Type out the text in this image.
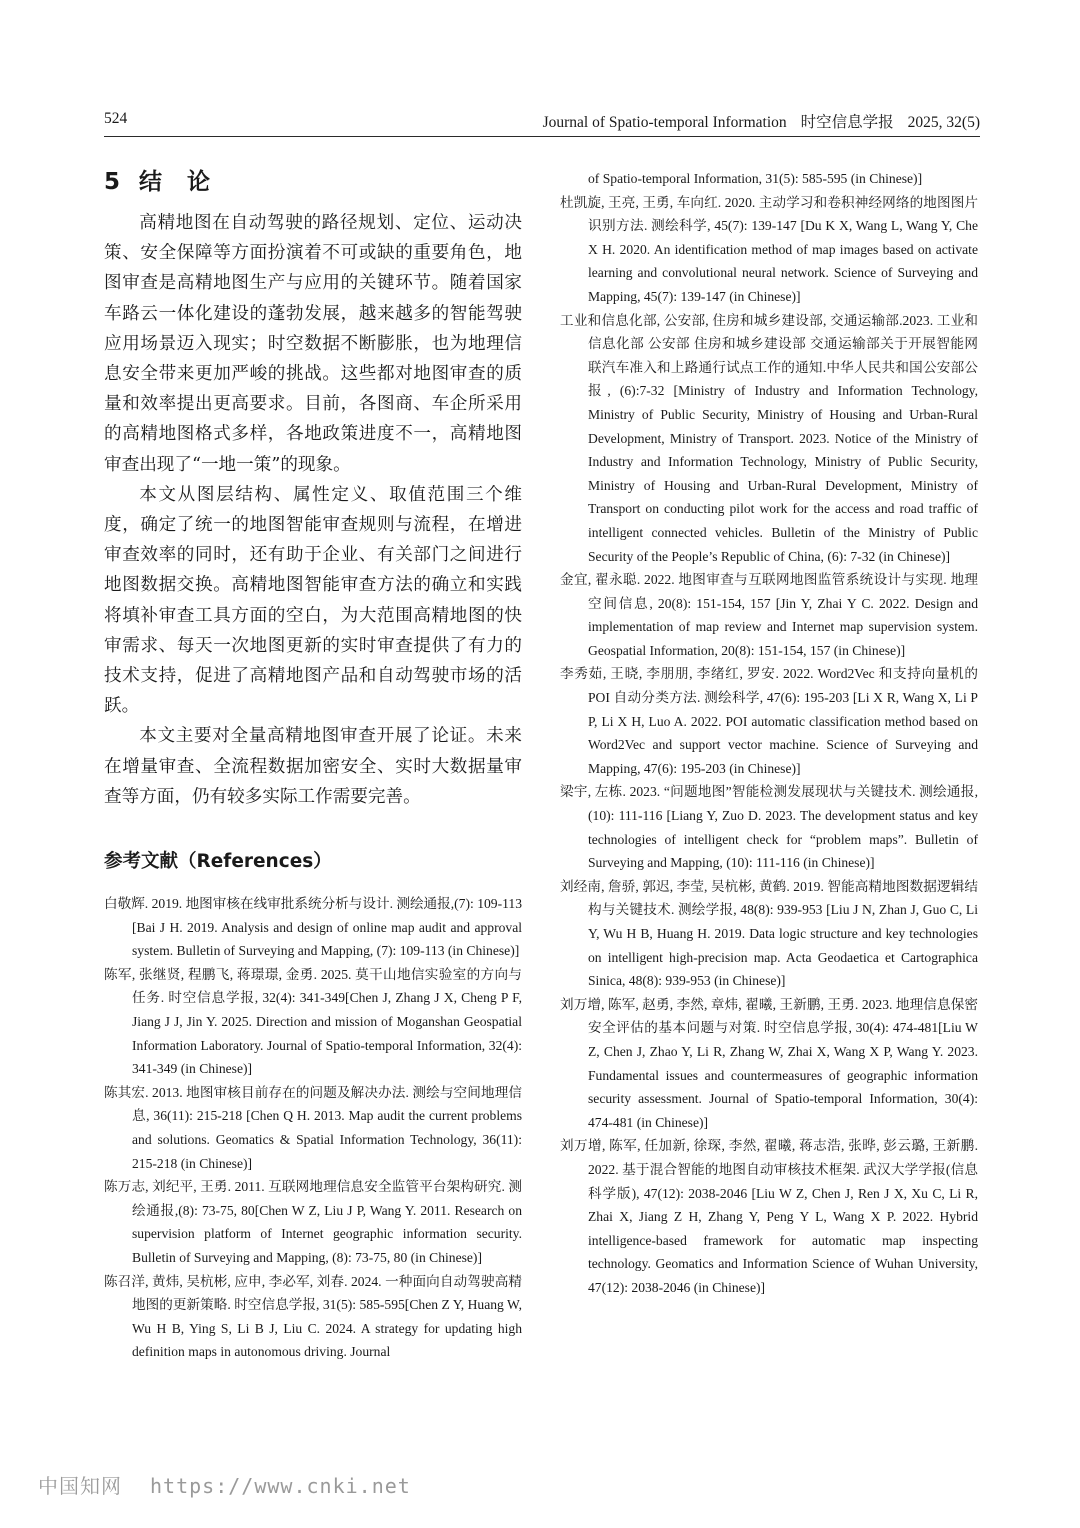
524	Journal of Spatio-temporal Information 时空信息学报 2025, 32(5)
5 结 论

高精地图在自动驾驶的路径规划、定位、运动决策、安全保障等方面扮演着不可或缺的重要角色，地图审查是高精地图生产与应用的关键环节。随着国家车路云一体化建设的蓬勃发展，越来越多的智能驾驶应用场景迈入现实；时空数据不断膨胀，也为地理信息安全带来更加严峻的挑战。这些都对地图审查的质量和效率提出更高要求。目前，各图商、车企所采用的高精地图格式多样，各地政策进度不一，高精地图审查出现了“一地一策”的现象。

本文从图层结构、属性定义、取值范围三个维度，确定了统一的地图智能审查规则与流程，在增进审查效率的同时，还有助于企业、有关部门之间进行地图数据交换。高精地图智能审查方法的确立和实践将填补审查工具方面的空白，为大范围高精地图的快审需求、每天一次地图更新的实时审查提供了有力的技术支持，促进了高精地图产品和自动驾驶市场的活跃。

本文主要对全量高精地图审查开展了论证。未来在增量审查、全流程数据加密安全、实时大数据量审查等方面，仍有较多实际工作需要完善。

参考文献（References）

白敬辉. 2019. 地图审核在线审批系统分析与设计. 测绘通报,(7): 109-113 [Bai J H. 2019. Analysis and design of online map audit and approval system. Bulletin of Surveying and Mapping, (7): 109-113 (in Chinese)]

陈军, 张继贤, 程鹏飞, 蒋璟璟, 金勇. 2025. 莫干山地信实验室的方向与任务. 时空信息学报, 32(4): 341-349[Chen J, Zhang J X, Cheng P F, Jiang J J, Jin Y. 2025. Direction and mission of Moganshan Geospatial Information Laboratory. Journal of Spatio-temporal Information, 32(4): 341-349 (in Chinese)]

陈其宏. 2013. 地图审核目前存在的问题及解决办法. 测绘与空间地理信息, 36(11): 215-218 [Chen Q H. 2013. Map audit the current problems and solutions. Geomatics & Spatial Information Technology, 36(11): 215-218 (in Chinese)]

陈万志, 刘纪平, 王勇. 2011. 互联网地理信息安全监管平台架构研究. 测绘通报,(8): 73-75, 80[Chen W Z, Liu J P, Wang Y. 2011. Research on supervision platform of Internet geographic information security. Bulletin of Surveying and Mapping, (8): 73-75, 80 (in Chinese)]

陈召洋, 黄炜, 吴杭彬, 应申, 李必军, 刘春. 2024. 一种面向自动驾驶高精地图的更新策略. 时空信息学报, 31(5): 585-595[Chen Z Y, Huang W, Wu H B, Ying S, Li B J, Liu C. 2024. A strategy for updating high definition maps in autonomous driving. Journal

of Spatio-temporal Information, 31(5): 585-595 (in Chinese)]

杜凯旋, 王亮, 王勇, 车向红. 2020. 主动学习和卷积神经网络的地图图片识别方法. 测绘科学, 45(7): 139-147 [Du K X, Wang L, Wang Y, Che X H. 2020. An identification method of map images based on activate learning and convolutional neural network. Science of Surveying and Mapping, 45(7): 139-147 (in Chinese)]

工业和信息化部, 公安部, 住房和城乡建设部, 交通运输部.2023. 工业和信息化部 公安部 住房和城乡建设部 交通运输部关于开展智能网联汽车准入和上路通行试点工作的通知.中华人民共和国公安部公报, (6):7-32 [Ministry of Industry and Information Technology, Ministry of Public Security, Ministry of Housing and Urban-Rural Development, Ministry of Transport. 2023. Notice of the Ministry of Industry and Information Technology, Ministry of Public Security, Ministry of Housing and Urban-Rural Development, Ministry of Transport on conducting pilot work for the access and road traffic of intelligent connected vehicles. Bulletin of the Ministry of Public Security of the People’s Republic of China, (6): 7-32 (in Chinese)]

金宜, 翟永聪. 2022. 地图审查与互联网地图监管系统设计与实现. 地理空间信息, 20(8): 151-154, 157 [Jin Y, Zhai Y C. 2022. Design and implementation of map review and Internet map supervision system. Geospatial Information, 20(8): 151-154, 157 (in Chinese)]

李秀茹, 王晓, 李朋朋, 李绪红, 罗安. 2022. Word2Vec 和支持向量机的 POI 自动分类方法. 测绘科学, 47(6): 195-203 [Li X R, Wang X, Li P P, Li X H, Luo A. 2022. POI automatic classification method based on Word2Vec and support vector machine. Science of Surveying and Mapping, 47(6): 195-203 (in Chinese)]

梁宇, 左栋. 2023. “问题地图”智能检测发展现状与关键技术. 测绘通报, (10): 111-116 [Liang Y, Zuo D. 2023. The development status and key technologies of intelligent check for “problem maps”. Bulletin of Surveying and Mapping, (10): 111-116 (in Chinese)]

刘经南, 詹骄, 郭迟, 李莹, 吴杭彬, 黄鹤. 2019. 智能高精地图数据逻辑结构与关键技术. 测绘学报, 48(8): 939-953 [Liu J N, Zhan J, Guo C, Li Y, Wu H B, Huang H. 2019. Data logic structure and key technologies on intelligent high-precision map. Acta Geodaetica et Cartographica Sinica, 48(8): 939-953 (in Chinese)]

刘万增, 陈军, 赵勇, 李然, 章炜, 翟曦, 王新鹏, 王勇. 2023. 地理信息保密安全评估的基本问题与对策. 时空信息学报, 30(4): 474-481[Liu W Z, Chen J, Zhao Y, Li R, Zhang W, Zhai X, Wang X P, Wang Y. 2023. Fundamental issues and countermeasures of geographic information security assessment. Journal of Spatio-temporal Information, 30(4): 474-481 (in Chinese)]

刘万增, 陈军, 任加新, 徐琛, 李然, 翟曦, 蒋志浩, 张晔, 彭云璐, 王新鹏. 2022. 基于混合智能的地图自动审核技术框架. 武汉大学学报(信息科学版), 47(12): 2038-2046 [Liu W Z, Chen J, Ren J X, Xu C, Li R, Zhai X, Jiang Z H, Zhang Y, Peng Y L, Wang X P. 2022. Hybrid intelligence-based framework for automatic map inspecting technology. Geomatics and Information Science of Wuhan University, 47(12): 2038-2046 (in Chinese)]

中国知网 https://www.cnki.net
